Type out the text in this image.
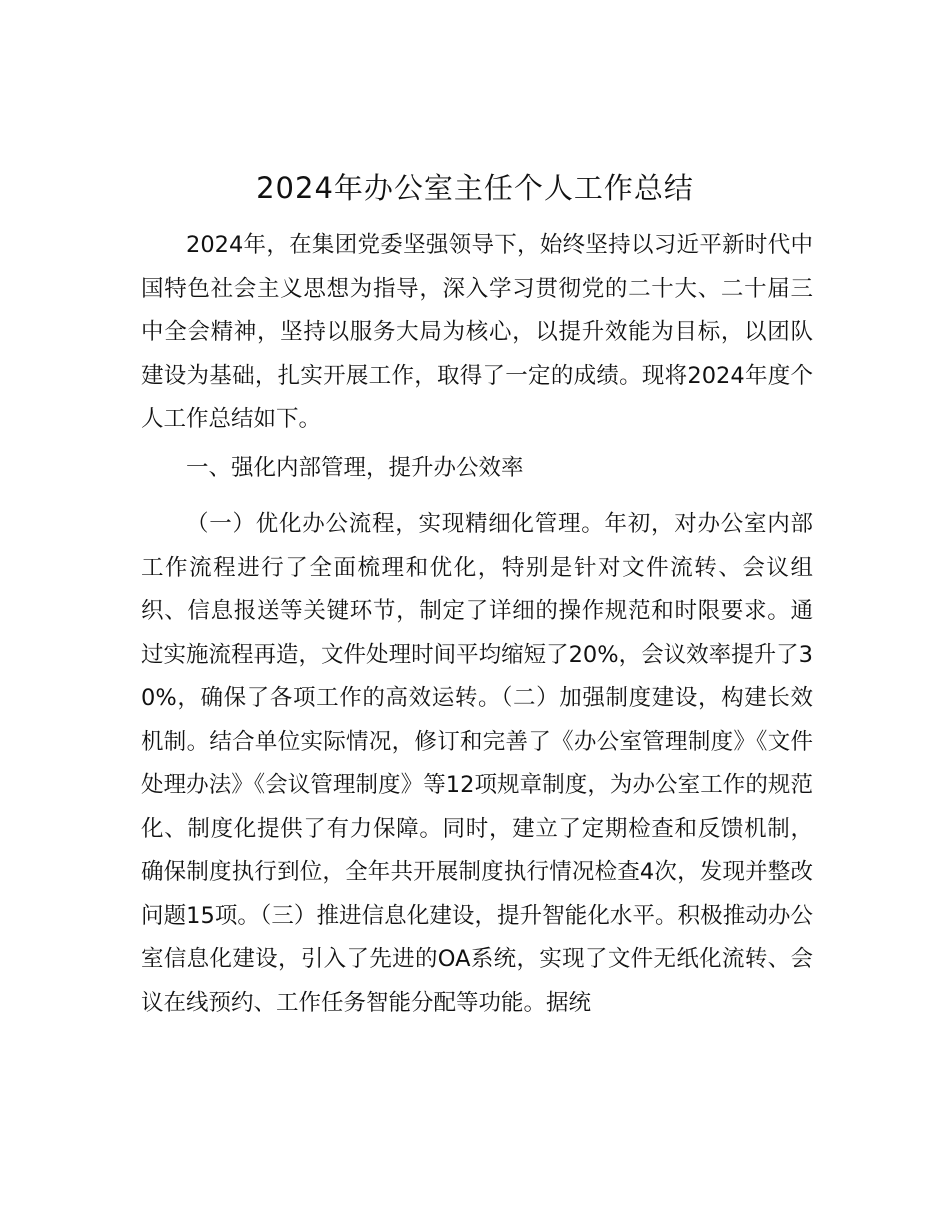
2024年办公室主任个人工作总结
2024年，在集团党委坚强领导下，始终坚持以习近平新时代中国特色社会主义思想为指导，深入学习贯彻党的二十大、二十届三中全会精神，坚持以服务大局为核心，以提升效能为目标，以团队建设为基础，扎实开展工作，取得了一定的成绩。现将2024年度个人工作总结如下。
一、强化内部管理，提升办公效率
（一）优化办公流程，实现精细化管理。年初，对办公室内部工作流程进行了全面梳理和优化，特别是针对文件流转、会议组织、信息报送等关键环节，制定了详细的操作规范和时限要求。通过实施流程再造，文件处理时间平均缩短了20%，会议效率提升了30%，确保了各项工作的高效运转。（二）加强制度建设，构建长效机制。结合单位实际情况，修订和完善了《办公室管理制度》《文件处理办法》《会议管理制度》等12项规章制度，为办公室工作的规范化、制度化提供了有力保障。同时，建立了定期检查和反馈机制，确保制度执行到位，全年共开展制度执行情况检查4次，发现并整改问题15项。（三）推进信息化建设，提升智能化水平。积极推动办公室信息化建设，引入了先进的OA系统，实现了文件无纸化流转、会议在线预约、工作任务智能分配等功能。据统
